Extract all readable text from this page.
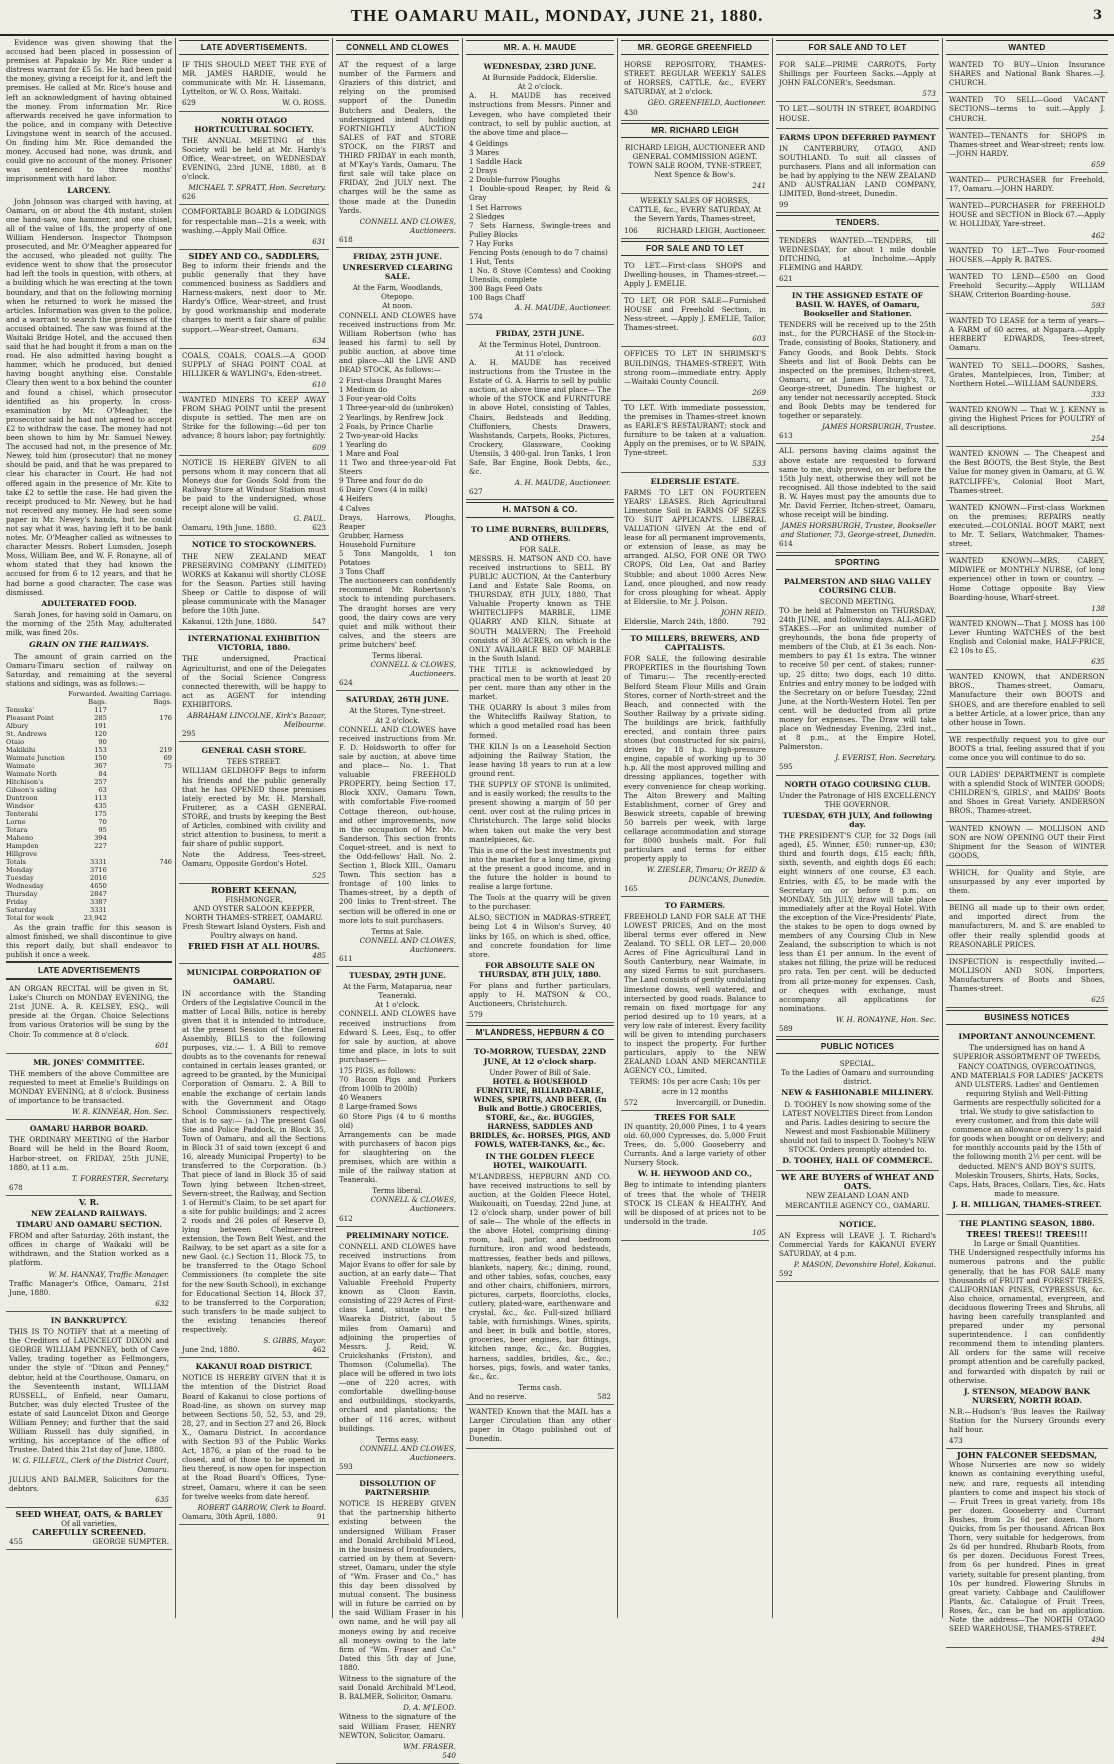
THE OAMARU MAIL, MONDAY, JUNE 21, 1880.	3

Evidence was given showing that the accused had been placed in possession of premises at Papakaio by Mr. Rice under a distress warrant for £5 5s. He had been paid the money, giving a receipt for it, and left the premises. He called at Mr. Rice's house and left an acknowledgment of having obtained the money. From information Mr. Rice afterwards received he gave information to the police, and in company with Detective Livingstone went in search of the accused. On finding him Mr. Rice demanded the money. Accused had none, was drunk, and could give no account of the money. Prisoner was sentenced to three months' imprisonment with hard labor.

LARCENY.

John Johnson was charged with having, at Oamaru, on or about the 4th instant, stolen one hand-saw, one hammer, and one chisel, all of the value of 18s, the property of one William Henderson. Inspector Thompson prosecuted, and Mr. O'Meagher appeared for the accused, who pleaded not guilty. The evidence went to show that the prosecutor had left the tools in question, with others, at a building which he was erecting at the town boundary, and that on the following morning when he returned to work he missed the articles. Information was given to the police, and a warrant to search the premises of the accused obtained. The saw was found at the Waitaki Bridge Hotel, and the accused then said that he had bought it from a man on the road. He also admitted having bought a hammer, which he produced, but denied having bought anything else. Constable Cleary then went to a box behind the counter and found a chisel, which prosecutor identified as his property. In cross-examination by Mr. O'Meagher, the prosecutor said he had not agreed to accept £2 to withdraw the case. The money had not been shown to him by Mr. Samuel Newey. The accused had not, in the presence of Mr. Newey, told him (prosecutor) that no money should be paid, and that he was prepared to clear his character in Court. He had not offered again in the presence of Mr. Kite to take £2 to settle the case. He had given the receipt produced to Mr. Newey, but he had not received any money. He had seen some paper in Mr. Newey's hands, but he could not say what it was, having left it to be bank notes. Mr. O'Meagher called as witnesses to character Messrs. Robert Lumsden, Joseph Moss, William Bee, and W. F. Ronayne, all of whom stated that they had known the accused for from 6 to 12 years, and that he had borne a good character. The case was dismissed.

ADULTERATED FOOD.

Sarah Jones, for having sold in Oamaru, on the morning of the 25th May, adulterated milk, was fined 20s.

GRAIN ON THE RAILWAYS.

The amount of grain carried on the Oamaru-Timaru section of railway on Saturday, and remaining at the several stations and sidings, was as follows:—

	Forwarded.	Awaiting Carriage.
	Bags.	Bags.
Temuka'	117	
Pleasant Point	285	176
Albury	191	
St. Andrews	120	
Otaio	90	
Makikihi	153	219
Waimate Junction	150	69
Waimate	367	75
Waimate North	84	
Hitchison's	257	
Gibson's siding	63	
Duntroon	113	
Windsor	435	
Tenterahi	175	
Lorne	70	
Totara	95	
Maheno	394	
Hampden	227	
Hillgrove		
Totals	3331	746
Monday	3716	
Tuesday	2016	
Wednesday	4650	
Thursday	2847	
Friday	3387	
Saturday	3331	
Total for week	23,942	

As the grain traffic for this season is almost finished, we shall discontinue to give this report daily, but shall endeavor to publish it once a week.

LATE ADVERTISEMENTS

AN ORGAN RECITAL will be given in St. Luke's Church on MONDAY EVENING, the 21st JUNE. A. R. KELSEY, ESQ., will preside at the Organ. Choice Selections from various Oratorios will be sung by the Choir. To commence at 8 o'clock.

601
MR. JONES' COMMITTEE.

THE members of the above Committee are requested to meet at Emelie's Buildings on MONDAY EVENING, at 8 o'clock. Business of importance to be transacted.

W. R. KINNEAR, Hon. Sec.
OAMARU HARBOR BOARD.

THE ORDINARY MEETING of the Harbor Board will be held in the Board Room, Harbor-street, on FRIDAY, 25th JUNE, 1880, at 11 a.m.

T. FORRESTER, Secretary.
678
V. R.
NEW ZEALAND RAILWAYS.
TIMARU AND OAMARU SECTION.

FROM and after Saturday, 26th instant, the offices in charge of Waikaki will be withdrawn, and the Station worked as a platform.

W. M. HANNAY, Traffic Manager.

Traffic Manager's Office, Oamaru, 21st June, 1880.

632
IN BANKRUPTCY.

THIS IS TO NOTIFY that at a meeting of the Creditors of LAUNCELOT DIXON and GEORGE WILLIAM PENNEY, both of Cave Valley, trading together as Fellmongers, under the style of "Dixon and Penney," debtor, held at the Courthouse, Oamaru, on the Seventeenth instant, WILLIAM RUSSELL, of Enfield, near Oamaru, Butcher, was duly elected Trustee of the estate of said Launcelot Dixon and George William Penney; and further that the said William Russell has duly signified, in writing, his acceptance of the office of Trustee. Dated this 21st day of June, 1880.

W. G. FILLEUL, Clerk of the District Court, Oamaru.

JULIUS AND BALMER, Solicitors for the debtors.

635
SEED WHEAT, OATS, & BARLEY
Of all varieties,
CAREFULLY SCREENED.
455	GEORGE SUMPTER.
LATE ADVERTISEMENTS.

IF THIS SHOULD MEET THE EYE of MR. JAMES HARDIE, would he communicate with Mr. H. Lissemann, Lyttelton, or W. O. Ross, Waitaki.

629	W. O. ROSS.
NORTH OTAGO HORTICULTURAL SOCIETY.

THE ANNUAL MEETING of this Society will be held at Mr. Hardy's Office, Wear-street, on WEDNESDAY EVENING, 23rd JUNE, 1880, at 8 o'clock.

MICHAEL T. SPRATT, Hon. Secretary.
626

COMFORTABLE BOARD & LODGINGS for respectable man—21s a week, with washing.—Apply Mail Office.

631
SIDEY AND CO., SADDLERS,

Beg to inform their friends and the public generally that they have commenced business as Saddlers and Harness-makers, next door to Mr. Hardy's Office, Wear-street, and trust by good workmanship and moderate charges to merit a fair share of public support.—Wear-street, Oamaru.

634

COALS, COALS, COALS.—A GOOD SUPPLY of SHAG POINT COAL at HILLIKER & WAYLING's, Eden-street.

610

WANTED MINERS TO KEEP AWAY FROM SHAG POINT until the present dispute is settled. The men are on Strike for the following:—6d per ton advance; 8 hours labor; pay fortnightly.

609

NOTICE IS HEREBY GIVEN to all persons whom it may concern that all Moneys due for Goods Sold from the Railway Store at Windsor Station must be paid to the undersigned, whose receipt alone will be valid.

G. PAUL.
Oamaru, 19th June, 1880.	623
NOTICE TO STOCKOWNERS.

THE NEW ZEALAND MEAT PRESERVING COMPANY (LIMITED) WORKS at Kakanui will shortly CLOSE for the Season. Parties still having Sheep or Cattle to dispose of will please communicate with the Manager before the 10th June.

Kakanui, 12th June, 1880.	547
INTERNATIONAL EXHIBITION VICTORIA, 1880.

THE undersigned, Practical Agriculturist, and one of the Delegates of the Social Science Congress connected therewith, will be happy to act as AGENT for intending EXHIBITORS.

ABRAHAM LINCOLNE, Kirk's Bazaar, Melbourne.
295
GENERAL CASH STORE.
TEES STREET.

WILLIAM GELDHOFF Begs to inform his friends and the public generally that he has OPENED those premises lately erected by Mr. H. Marshall, Fruiterer, as a CASH GENERAL STORE, and trusts by keeping the Best of Articles, combined with civility and strict attention to business, to merit a fair share of public support.

Note the Address, Tees-street, Oamaru, Opposite Gordon's Hotel.

525
ROBERT KEENAN,
FISHMONGER,
AND OYSTER SALOON KEEPER,
NORTH THAMES-STREET, OAMARU.

Fresh Stewart Island Oysters. Fish and Poultry always on hand.

FRIED FISH AT ALL HOURS.
485
MUNICIPAL CORPORATION OF OAMARU.

IN accordance with the Standing Orders of the Legislative Council in the matter of Local Bills, notice is hereby given that it is intended to introduce, at the present Session of the General Assembly, BILLS to the following purposes, viz.:— 1. A Bill to remove doubts as to the covenants for renewal contained in certain leases granted, or agreed to be granted, by the Municipal Corporation of Oamaru. 2. A Bill to enable the exchange of certain lands with the Government and Otago School Commissioners respectively, that is to say:— (a.) The present Gaol Site and Police Paddock, in Block 35, Town of Oamaru, and all the Sections in Block 31 of said town (except 6 and 16, already Municipal Property) to be transferred to the Corporation. (b.) That piece of land in Block 35 of said Town lying between Itchen-street, Severn-street, the Railway, and Section 1 of Hermit's Claim, to be set apart for a site for public buildings; and 2 acres 2 roods and 26 poles of Reserve D, lying between Chelmer-street extension, the Town Belt West, and the Railway, to be set apart as a site for a new Gaol. (c.) Section 11, Block 75, to be transferred to the Otago School Commissioners (to complete the site for the new South School), in exchange for Educational Section 14, Block 37, to be transferred to the Corporation; such transfers to be made subject to the existing tenancies thereof respectively.

S. GIBBS, Mayor.
June 2nd, 1880.	462
KAKANUI ROAD DISTRICT.

NOTICE IS HEREBY GIVEN that it is the intention of the District Road Board of Kakanui to close portions of Road-line, as shown on survey map between Sections 50, 52, 53, and 29, 28, 27, and in Section 27 and 26, Block X., Oamaru District. In accordance with Section 93 of the Public Works Act, 1876, a plan of the road to be closed, and of those to be opened in lieu thereof, is now open for inspection at the Road Board's Offices, Tyne-street, Oamaru, where it can be seen for twelve weeks from date hereof.

ROBERT GARROW, Clerk to Board.
Oamaru, 30th April, 1880.	91
CONNELL AND CLOWES

AT the request of a large number of the Farmers and Graziers of this district, and relying on the promised support of the Dunedin Butchers and Dealers, the undersigned intend holding FORTNIGHTLY AUCTION SALES of FAT and STORE STOCK, on the FIRST and THIRD FRIDAY in each month, at M'Kay's Yards, Oamaru. The first sale will take place on FRIDAY, 2nd JULY next. The charges will be the same as those made at the Dunedin Yards.

CONNELL AND CLOWES, Auctioneers.
618
FRIDAY, 25TH JUNE.
UNRESERVED CLEARING SALE.
At the Farm, Woodlands, Otepopo.
At noon.

CONNELL AND CLOWES have received instructions from Mr. William Robertson (who has leased his farm) to sell by public auction, at above time and place—All the LIVE AND DEAD STOCK, As follows:—

2 First-class Draught Mares
1 Medium do
3 Four-year-old Colts
1 Three-year-old do (unbroken)
2 Yearlings, by Renfrew Jock
2 Foals, by Prince Charlie
2 Two-year-old Hacks
1 Yearling do
1 Mare and Foal
11 Two and three-year-old Fat Steers
9 Three and four do do
6 Dairy Cows (4 in milk)
4 Heifers
4 Calves
Drays, Harrows, Ploughs, Reaper
Grubber, Harness
Household Furniture
5 Tons Mangolds, 1 ton Potatoes
3 Tons Chaff

The auctioneers can confidently recommend Mr. Robertson's stock to intending purchasers. The draught horses are very good, the dairy cows are very quiet and milk without their calves, and the steers are prime butchers' beef.

Terms liberal.
CONNELL & CLOWES, Auctioneers.
624
SATURDAY, 26TH JUNE.
At the Stores, Tyne-street.
At 2 o'clock.

CONNELL AND CLOWES have received instructions from Mr. F. D. Holdsworth to offer for sale by auction, at above time and place— No. 1. That valuable FREEHOLD PROPERTY, being Section 17, Block XXIV., Oamaru Town, with comfortable Five-roomed Cottage thereon, out-house, and other improvements, now in the occupation of Mr. Mc. Sanderson. This section fronts Coquet-street, and is next to the Odd-fellows' Hall. No. 2. Section 1, Block XIII., Oamaru Town. This section has a frontage of 100 links to Thames-street, by a depth of 200 links to Trent-street. The section will be offered in one or more lots to suit purchasers.

Terms at Sale.
CONNELL AND CLOWES, Auctioneers.
611
TUESDAY, 29TH JUNE.
At the Farm, Mataparua, near Teaneraki.
At 1 o'clock.

CONNELL AND CLOWES have received instructions from Edward S. Lees, Esq., to offer for sale by auction, at above time and place, in lots to suit purchasers—

175 PIGS, as follows:
70 Bacon Pigs and Porkers (from 100lb to 200lb)
40 Weaners
8 Large-framed Sows
60 Store Pigs (4 to 6 months old)

Arrangements can be made with purchasers of bacon pigs for slaughtering on the premises, which are within a mile of the railway station at Teaneraki.

Terms liberal.
CONNELL & CLOWES, Auctioneers.
612
PRELIMINARY NOTICE.

CONNELL AND CLOWES have received instructions from Major Evans to offer for sale by auction, at an early date— That Valuable Freehold Property known as Cloon Eavin, consisting of 229 Acres of First-class Land, situate in the Waareka District, (about 5 miles from Oamaru) and adjoining the properties of Messrs. J. Reid, W. Cruickshanks (Friston), and Thomson (Columella). The place will be offered in two lots—one of 220 acres, with comfortable dwelling-house and outbuildings, stockyards, orchard and plantations; the other of 116 acres, without buildings.

Terms easy.
CONNELL AND CLOWES, Auctioneers.
593
DISSOLUTION OF PARTNERSHIP.

NOTICE IS HEREBY GIVEN that the partnership hitherto existing between the undersigned William Fraser and Donald Archibald M'Leod, in the business of Ironfounders, carried on by them at Severn-street, Oamaru, under the style of "Wm. Fraser and Co.," has this day been dissolved by mutual consent. The business will in future be carried on by the said William Fraser in his own name, and he will pay all moneys owing by and receive all moneys owing to the late firm of "Wm. Fraser and Co." Dated this 5th day of June, 1880.

Witness to the signature of the said Donald Archibald M'Leod, B. BALMER, Solicitor, Oamaru.

D. A. M'LEOD.

Witness to the signature of the said William Fraser, HENRY NEWTON, Solicitor, Oamaru.

WM. FRASER.
540
MR. A. H. MAUDE
WEDNESDAY, 23RD JUNE.
At Burnside Paddock, Elderslie.
At 2 o'clock.

A. H. MAUDE has received instructions from Messrs. Pinner and Levegen, who have completed their contract, to sell by public auction, at the above time and place—

4 Geldings
3 Mares
1 Saddle Hack
2 Drays
2 Double-furrow Ploughs
1 Double-spoud Reaper, by Reid & Gray
1 Set Harrows
2 Sledges
7 Sets Harness, Swingle-trees and Pulley Blocks
7 Hay Forks
Fencing Posts (enough to do 7 chains)
1 Hut, Tents
1 No. 8 Stove (Comtess) and Cooking Utensils, complete
300 Bags Feed Oats
100 Bags Chaff
A. H. MAUDE, Auctioneer.
574
FRIDAY, 25TH JUNE.
At the Terminus Hotel, Duntroon.
At 11 o'clock.

A. H. MAUDE has received instructions from the Trustee in the Estate of G. A. Harris to sell by public auction, at above time and place— The whole of the STOCK and FURNITURE in above Hotel, consisting of Tables, Chairs, Bedsteads and Bedding, Chiffoniers, Chests Drawers, Washstands, Carpets, Books, Pictures, Crockery, Glassware, Cooking Utensils, 3 400-gal. Iron Tanks, 1 Iron Safe, Bar Engine, Book Debts, &c., &c.

A. H. MAUDE, Auctioneer.
627
H. MATSON & CO.
TO LIME BURNERS, BUILDERS, AND OTHERS.
FOR SALE.

MESSRS. H. MATSON AND CO. have received instructions to SELL BY PUBLIC AUCTION, At the Canterbury Land and Estate Sale Rooms, on THURSDAY, 8TH JULY, 1880, That Valuable Property known as THE WHITECLIFFS MARBLE, LIME QUARRY AND KILN, Situate at SOUTH MALVERN; The Freehold consists of 30 ACRES, on which is the ONLY AVAILABLE BED OF MARBLE in the South Island.

THE TITLE is acknowledged by practical men to be worth at least 20 per cent. more than any other in the market.

THE QUARRY Is about 3 miles from the Whitecliffs Railway Station, to which a good metalled road has been formed.

THE KILN Is on a Leasehold Section adjoining the Railway Station, the lease having 18 years to run at a low ground rent.

THE SUPPLY OF STONE Is unlimited, and is easily worked; the results to the present showing a margin of 50 per cent. over cost at the ruling prices in Christchurch. The large solid blocks when taken out make the very best mantelpieces, &c.

This is one of the best investments put into the market for a long time, giving at the present a good income, and in the future the holder is bound to realise a large fortune.

The Tools at the quarry will be given to the purchaser.

ALSO, SECTION in MADRAS-STREET, being Lot 4 in Wilson's Survey, 40 links by 165, on which is shed, office, and concrete foundation for lime store.

FOR ABSOLUTE SALE ON THURSDAY, 8TH JULY, 1880.

For plans and further particulars, apply to H. MATSON & CO., Auctioneers, Christchurch.

579
M'LANDRESS, HEPBURN & CO
TO-MORROW, TUESDAY, 22ND JUNE, At 12 o'clock sharp.
Under Power of Bill of Sale.

HOTEL & HOUSEHOLD FURNITURE, BILLIARD-TABLE, WINES, SPIRITS, AND BEER, (In Bulk and Bottle.) GROCERIES, STORE, &c., &c. BUGGIES, HARNESS, SADDLES AND BRIDLES, &c. HORSES, PIGS, AND FOWLS, WATER-TANKS, &c., &c.

IN THE GOLDEN FLEECE HOTEL, WAIKOUAITI.

M'LANDRESS, HEPBURN AND CO. have received instructions to sell by auction, at the Golden Fleece Hotel, Waikouaiti, on Tuesday, 22nd June, at 12 o'clock sharp, under power of bill of sale— The whole of the effects in the above Hotel, comprising dining-room, hall, parlor, and bedroom furniture, iron and wood bedsteads, mattresses, feather beds and pillows, blankets, napery, &c.; dining, round, and other tables, sofas, couches, easy and other chairs, chiffoniers, mirrors, pictures, carpets, floorcloths, clocks, cutlery, plated-ware, earthenware and crystal, &c., &c. Full-sized billiard table, with furnishings. Wines, spirits, and beer, in bulk and bottle, stores, groceries, beer engines, bar fittings, kitchen range, &c., &c. Buggies, harness, saddles, bridles, &c., &c.; horses, pigs, fowls, and water tanks, &c., &c.

Terms cash.
And no reserve.	582

WANTED Known that the MAIL has a Larger Circulation than any other paper in Otago published out of Dunedin.

MR. GEORGE GREENFIELD

HORSE REPOSITORY, THAMES-STREET. REGULAR WEEKLY SALES of HORSES, CATTLE, &c., EVERY SATURDAY, at 2 o'clock.

GEO. GREENFIELD, Auctioneer.
430
MR. RICHARD LEIGH

RICHARD LEIGH, AUCTIONEER AND GENERAL COMMISSION AGENT. TOWN SALE ROOM, TYNE-STREET, Next Spence & Bow's.

241

WEEKLY SALES OF HORSES, CATTLE, &c., EVERY SATURDAY, At the Severn Yards, Thames-street,

106	RICHARD LEIGH, Auctioneer.
FOR SALE AND TO LET

TO LET.—First-class SHOPS and Dwelling-houses, in Thames-street.—Apply J. EMELIE.

TO LET, OR FOR SALE—Furnished HOUSE and Freehold Section, in Ness-street. —Apply J. EMELIE, Tailor, Thames-street.

603

OFFICES TO LET IN SHRIMSKI'S BUILDINGS, THAMES-STREET, With strong room—immediate entry. Apply—Waitaki County Council.

269

TO LET. With immediate possession, the premises in Thames-street known as EARLE'S RESTAURANT; stock and furniture to be taken at a valuation. Apply on the premises, or to W. SPAIN, Tyne-street.

533
ELDERSLIE ESTATE.

FARMS TO LET ON FOURTEEN YEARS' LEASES. Rich Agricultural Limestone Soil in FARMS OF SIZES TO SUIT APPLICANTS. LIBERAL VALUATION GIVEN At the end of lease for all permanent improvements, or extension of lease, as may be arranged. ALSO, FOR ONE OR TWO CROPS, Old Lea, Oat and Barley Stubble; and about 1000 Acres New Land, once ploughed, and now ready for cross ploughing for wheat. Apply at Elderslie, to Mr. J. Polson.

JOHN REID.
Elderslie, March 24th, 1880.	792
TO MILLERS, BREWERS, AND CAPITALISTS.

FOR SALE, the following desirable PROPERTIES in the flourishing Town of Timaru:— The recently-erected Belford Steam Flour Mills and Grain Stores, corner of North-street and the Beach, and connected with the Souther Railway by a private siding. The buildings are brick, faithfully erected, and contain three pairs stones (but constructed for six pairs), driven by 18 h.p. high-pressure engine, capable of working up to 30 h.p. All the most approved milling and dressing appliances, together with every convenience for cheap working. The Alton Brewery and Malting Establishment, corner of Grey and Beswick streets, capable of brewing 50 barrels per week, with large cellarage accommodation and storage for 8000 bushels malt. For full particulars and terms for either property apply to

W. ZIESLER, Timaru; Or REID & DUNCANS, Dunedin.
165
TO FARMERS.

FREEHOLD LAND FOR SALE AT THE LOWEST PRICES, And on the most liberal terms ever offered in New Zealand. TO SELL OR LET— 20,000 Acres of Fine Agricultural Land in South Canterbury, near Waimate, in any sized Farms to suit purchasers. The Land consists of gently undulating limestone downs, well watered, and intersected by good roads. Balance to remain on fixed mortgage for any period desired up to 10 years, at a very low rate of interest. Every facility will be given to intending purchasers to inspect the property. For further particulars, apply to the NEW ZEALAND LOAN AND MERCANTILE AGENCY CO., Limited.

TERMS: 10s per acre Cash; 10s per acre in 12 months

572	Invercargill, or Dunedin.
TREES FOR SALE

IN quantity. 20,000 Pines, 1 to 4 years old. 60,000 Cypresses, do. 5,000 Fruit Trees, do. 5,000 Gooseberry and Currants. And a large variety of other Nursery Stock.

W. H. HEYWOOD AND CO.,

Beg to intimate to intending planters of trees that the whole of THEIR STOCK IS CLEAN & HEALTHY, And will be disposed of at prices not to be undersold in the trade.

105
FOR SALE AND TO LET

FOR SALE—PRIME CARROTS, Forty Shillings per Fourteen Sacks.—Apply at JOHN FALCONER's, Seedsman.

573

TO LET.—SOUTH IN STREET, BOARDING HOUSE.

FARMS UPON DEFERRED PAYMENT

IN CANTERBURY, OTAGO, AND SOUTHLAND. To suit all classes of purchasers. Plans and all information can be had by applying to the NEW ZEALAND AND AUSTRALIAN LAND COMPANY, LIMITED, Bond-street, Dunedin.

99
TENDERS.

TENDERS WANTED.—TENDERS, till WEDNESDAY, for about 1 mile double DITCHING, at Incholme.—Apply FLEMING and HARDY.

621
IN THE ASSIGNED ESTATE OF BASIL W. HAYES, of Oamaru, Bookseller and Stationer.

TENDERS will be received up to the 25th inst., for the PURCHASE of the Stock-in-Trade, consisting of Books, Stationery, and Fancy Goods, and Book Debts. Stock Sheets and list of Book Debts can be inspected on the premises, Itchen-street, Oamaru, or at James Horsburgh's, 73, George-street, Dunedin. The highest or any tender not necessarily accepted. Stock and Book Debts may be tendered for together or separately.

JAMES HORSBURGH, Trustee.
613

ALL persons having claims against the above estate are requested to forward same to me, duly proved, on or before the 15th July next, otherwise they will not be recognised. All those indebted to the said B. W. Hayes must pay the amounts due to Mr. David Ferrier, Itchen-street, Oamaru, whose receipt will be binding.

JAMES HORSBURGH, Trustee, Bookseller and Stationer, 73, George-street, Dunedin.
614
SPORTING
PALMERSTON AND SHAG VALLEY COURSING CLUB.
SECOND MEETING.

TO be held at Palmerston on THURSDAY, 24th JUNE, and following days. ALL-AGED STAKES.—For an unlimited number of greyhounds, the bona fide property of members of the Club, at £1 3s each. Non-members to pay £1 1s extra. The winner to receive 50 per cent. of stakes; runner-up, 25 ditto; two dogs, each 10 ditto. Entries and entry money to be lodged with the Secretary on or before Tuesday, 22nd June, at the North-Western Hotel. Ten per cent. will be deducted from all prize money for expenses. The Draw will take place on Wednesday Evening, 23rd inst., at 8 p.m., at the Empire Hotel, Palmerston.

J. EVERIST, Hon. Secretary.
595
NORTH OTAGO COURSING CLUB.
Under the Patronage of HIS EXCELLENCY THE GOVERNOR.
TUESDAY, 6TH JULY, And following day.

THE PRESIDENT'S CUP, for 32 Dogs (all aged), £5. Winner, £50; runner-up, £30; third and fourth dogs, £15 each; fifth, sixth, seventh, and eighth dogs £6 each; eight winners of one course, £3 each. Entries, with £5, to be made with the Secretary on or before 8 p.m. on MONDAY, 5th JULY; draw will take place immediately after at the Royal Hotel. With the exception of the Vice-Presidents' Plate, the stakes to be open to dogs owned by members of any Coursing Club in New Zealand, the subscription to which is not less than £1 per annum. In the event of stakes not filling, the prize will be reduced pro rata. Ten per cent. will be deducted from all prize-money for expenses. Cash, or cheques with exchange, must accompany all applications for nominations.

W. H. RONAYNE, Hon. Sec.
589
PUBLIC NOTICES
SPECIAL.

To the Ladies of Oamaru and surrounding district.

NEW & FASHIONABLE MILLINERY.

D. TOOHEY Is now showing some of the LATEST NOVELTIES Direct from London and Paris. Ladies desiring to secure the Newest and most Fashionable Millinery should not fail to inspect D. Toohey's NEW STOCK. Orders promptly attended to.

D. TOOHEY, HALL OF COMMERCE.
WE ARE BUYERS of WHEAT AND OATS.

NEW ZEALAND LOAN AND MERCANTILE AGENCY CO., OAMARU.

NOTICE.

AN Express will LEAVE J. T. Richard's Commercial Yards for KAKANUI EVERY SATURDAY, at 4 p.m.

P. MASON, Devonshire Hotel, Kakanui.
592
WANTED

WANTED TO BUY—Union Insurance SHARES and National Bank Shares.—J. CHURCH.

WANTED TO SELL—Good VACANT SECTIONS—terms to suit.—Apply J. CHURCH.

WANTED—TENANTS for SHOPS in Thames-street and Wear-street; rents low.—JOHN HARDY.

659

WANTED— PURCHASER for Freehold, 17, Oamaru.—JOHN HARDY.

WANTED—PURCHASER for FREEHOLD HOUSE and SECTION in Block 67.—Apply W. HOLLIDAY, Yare-street.

462

WANTED TO LET—Two Four-roomed HOUSES.—Apply R. BATES.

WANTED TO LEND—£500 on Good Freehold Security.—Apply WILLIAM SHAW, Criterion Boarding-house.

593

WANTED TO LEASE for a term of years—A FARM of 60 acres, at Ngapara.—Apply HERBERT EDWARDS, Tees-street, Oamaru.

WANTED TO SELL—DOORS, Sashes, Grates, Mantelpieces, Iron, Timber; at Northern Hotel.—WILLIAM SAUNDERS.

333

WANTED KNOWN — That W. J. KENNY is giving the Highest Prices for POULTRY of all descriptions.

254

WANTED KNOWN — The Cheapest and the Best BOOTS, the Best Style, the Best Value for money given in Oamaru, at G. W. RATCLIFFE's, Colonial Boot Mart, Thames-street.

WANTED KNOWN—First-class Workmen on the premises; REPAIRS neatly executed.—COLONIAL BOOT MART, next to Mr. T. Sellars, Watchmaker, Thames-street.

WANTED KNOWN—MRS. CAREY, MIDWIFE or MONTHLY NURSE, (of long experience) other in town or country. —Home Cottage opposite Bay View Boarding-house, Wharf-street.

138

WANTED KNOWN—That J. MOSS has 100 Lever Hunting WATCHES of the best English and Colonial make, HALF-PRICE, £2 10s to £5.

635

WANTED KNOWN, that ANDERSON BROS., Thames-street, Oamaru, Manufacture their own BOOTS and SHOES, and are therefore enabled to sell a better Article, at a lower price, than any other house in Town.

WE respectfully request you to give our BOOTS a trial, feeling assured that if you come once you will continue to do so.

OUR LADIES' DEPARTMENT is complete with a splendid Stock of WINTER GOODS; CHILDREN'S, GIRLS', and MAIDS' Boots and Shoes in Great Variety. ANDERSON BROS., Thames-street.

WANTED KNOWN — MOLLISON AND SON are NOW OPENING OUT their First Shipment for the Season of WINTER GOODS,

WHICH, for Quality and Style, are unsurpassed by any ever imported by them.

BEING all made up to their own order, and imported direct from the manufacturers, M. and S. are enabled to offer their really splendid goods at REASONABLE PRICES.

INSPECTION is respectfully invited.— MOLLISON AND SON, Importers, Manufacturers of Boots and Shoes, Thames-street.

625
BUSINESS NOTICES
IMPORTANT ANNOUNCEMENT.

The undersigned has on hand A SUPERIOR ASSORTMENT OF TWEEDS, FANCY COATINGS, OVERCOATINGS, AND MATERIALS FOR LADIES' JACKETS AND ULSTERS. Ladies' and Gentlemen requiring Stylish and Well-Fitting Garments are respectfully solicited for a trial. We study to give satisfaction to every customer, and from this date will commence an allowance of every 1s paid for goods when bought or on delivery; and for monthly accounts paid by the 15th of the following month 2½ per cent. will be deducted. MEN'S AND BOY'S SUITS, Moleskin Trousers, Shirts, Hats, Socks, Caps, Hats, Braces, Collars, Ties, &c. Hats made to measure.

J. H. MILLIGAN, THAMES-STREET.
THE PLANTING SEASON, 1880.
TREES! TREES!! TREES!!!
In Large or Small Quantities.

THE Undersigned respectfully informs his numerous patrons and the public generally, that he has FOR SALE many thousands of FRUIT and FOREST TREES, CALIFORNIAN PINES, CYPRESSUS, &c. Also choice, ornamental, evergreen, and deciduous flowering Trees and Shrubs, all having been carefully transplanted and prepared under my personal superintendence. I can confidently recommend them to intending planters. All orders for the same will receive prompt attention and be carefully packed, and forwarded with dispatch by rail or otherwise.

J. STENSON, MEADOW BANK NURSERY, NORTH ROAD.

N.B.—Hudson's 'Bus leaves the Railway Station for the Nursery Grounds every half hour.

473
JOHN FALCONER SEEDSMAN,

Whose Nurseries are now so widely known as containing everything useful, new, and rare, requests all intending planters to come and inspect his stock of— Fruit Trees in great variety, from 18s per dozen. Gooseberry and Currant Bushes, from 2s 6d per dozen. Thorn Quicks, from 5s per thousand. African Box Thorn, very suitable for hedgerows, from 2s 6d per hundred. Rhubarb Roots, from 6s per dozen. Deciduous Forest Trees, from 6s per hundred. Pines in great variety, suitable for present planting, from 10s per hundred. Flowering Shrubs in great variety. Cabbage and Cauliflower Plants, &c. Catalogue of Fruit Trees, Roses, &c., can be had on application. Note the address—The NORTH OTAGO SEED WAREHOUSE, THAMES-STREET.

494
